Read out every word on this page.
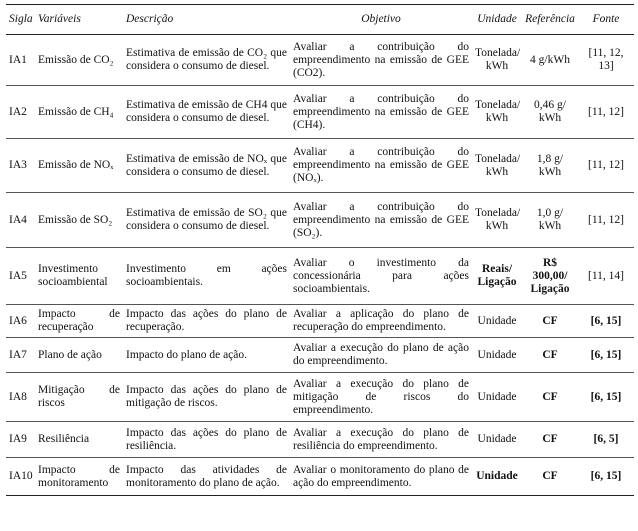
Sigla	Variáveis	Descrição	Objetivo	Unidade	Referência	Fonte
IA1	Emissão de CO₂	Estimativa de emissão de CO₂ que considera o consumo de diesel.	Avaliar a contribuição do empreendimento na emissão de GEE (CO2).	Tonelada/ kWh	4 g/kWh	[11, 12, 13]
IA2	Emissão de CH₄	Estimativa de emissão de CH4 que considera o consumo de diesel.	Avaliar a contribuição do empreendimento na emissão de GEE (CH4).	Tonelada/ kWh	0,46 g/ kWh	[11, 12]
IA3	Emissão de NOₓ	Estimativa de emissão de NOₓ que considera o consumo de diesel.	Avaliar a contribuição do empreendimento na emissão de GEE (NOₓ).	Tonelada/ kWh	1,8 g/ kWh	[11, 12]
IA4	Emissão de SO₂	Estimativa de emissão de SO₂ que considera o consumo de diesel.	Avaliar a contribuição do empreendimento na emissão de GEE (SO₂).	Tonelada/ kWh	1,0 g/ kWh	[11, 12]
IA5	Investimento socioambiental	Investimento em ações socioambientais.	Avaliar o investimento da concessionária para ações socioambientais.	Reais/ Ligação	R$ 300,00/ Ligação	[11, 14]
IA6	Impacto de recuperação	Impacto das ações do plano de recuperação.	Avaliar a aplicação do plano de recuperação do empreendimento.	Unidade	CF	[6, 15]
IA7	Plano de ação	Impacto do plano de ação.	Avaliar a execução do plano de ação do empreendimento.	Unidade	CF	[6, 15]
IA8	Mitigação de riscos	Impacto das ações do plano de mitigação de riscos.	Avaliar a execução do plano de mitigação de riscos do empreendimento.	Unidade	CF	[6, 15]
IA9	Resiliência	Impacto das ações do plano de resiliência.	Avaliar a execução do plano de resiliência do empreendimento.	Unidade	CF	[6, 5]
IA10	Impacto de monitoramento	Impacto das atividades de monitoramento do plano de ação.	Avaliar o monitoramento do plano de ação do empreendimento.	Unidade	CF	[6, 15]
